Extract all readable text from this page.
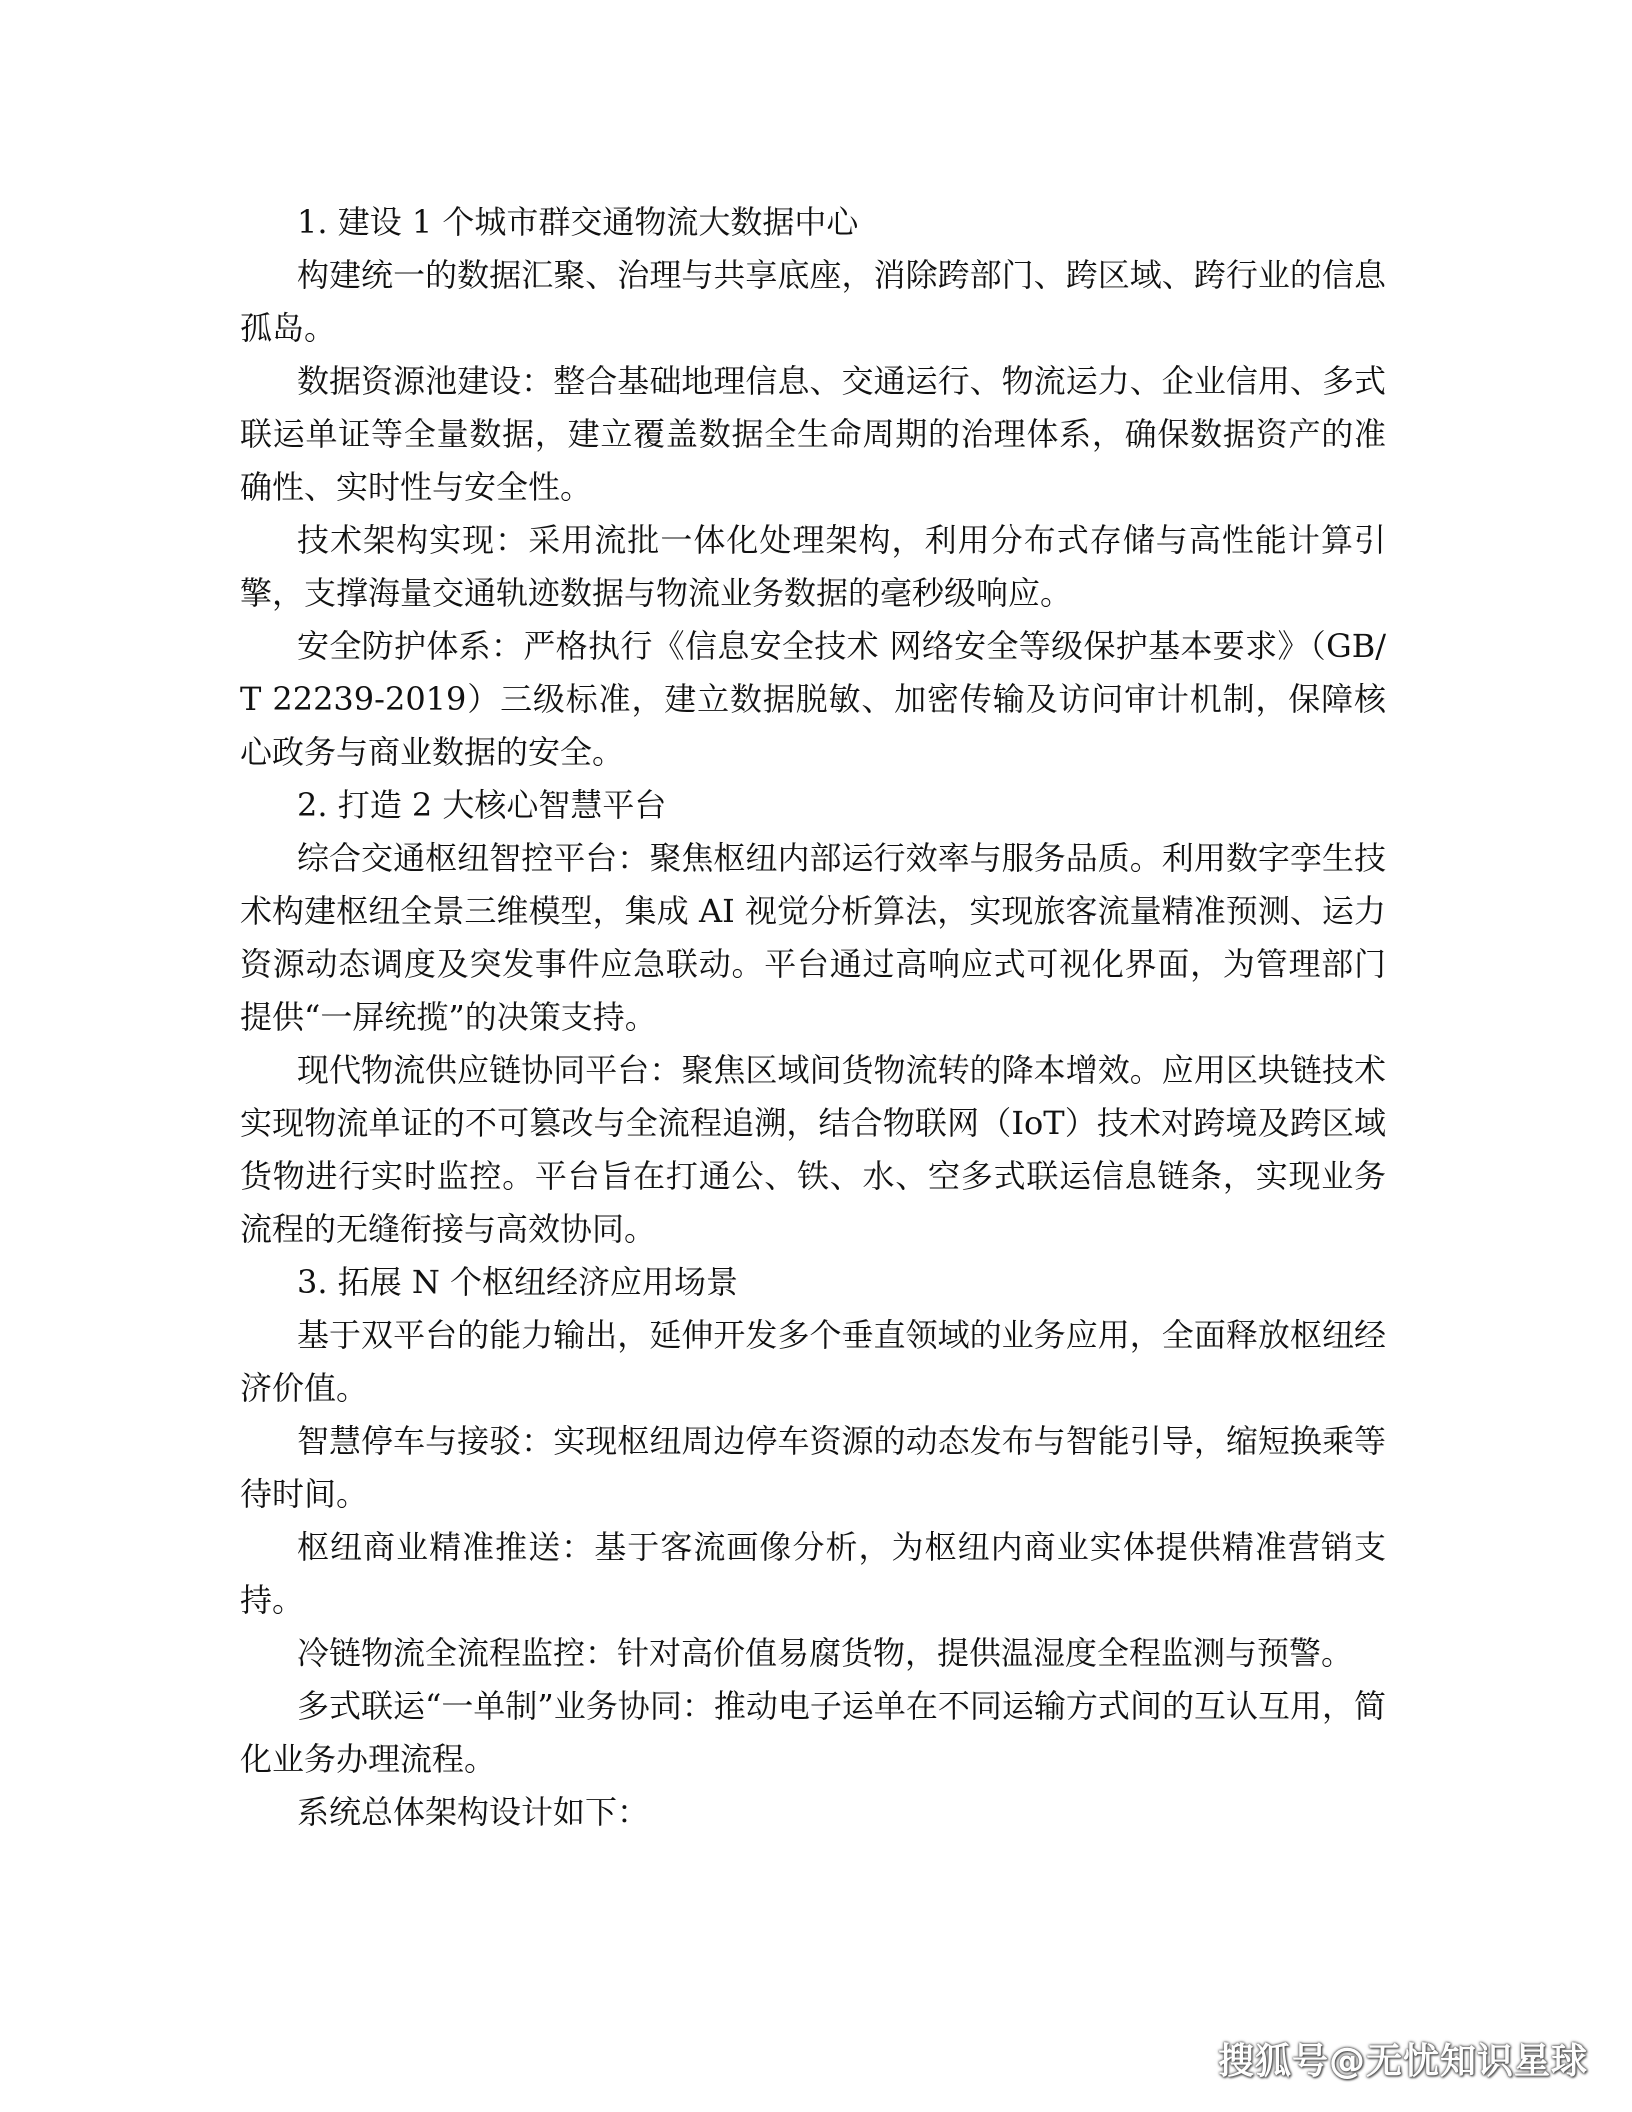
1. 建设 1 个城市群交通物流大数据中心

构建统一的数据汇聚、治理与共享底座，消除跨部门、跨区域、跨行业的信息孤岛。

数据资源池建设：整合基础地理信息、交通运行、物流运力、企业信用、多式联运单证等全量数据，建立覆盖数据全生命周期的治理体系，确保数据资产的准确性、实时性与安全性。

技术架构实现：采用流批一体化处理架构，利用分布式存储与高性能计算引擎，支撑海量交通轨迹数据与物流业务数据的毫秒级响应。

安全防护体系：严格执行《信息安全技术 网络安全等级保护基本要求》（GB/T 22239-2019）三级标准，建立数据脱敏、加密传输及访问审计机制，保障核心政务与商业数据的安全。

2. 打造 2 大核心智慧平台

综合交通枢纽智控平台：聚焦枢纽内部运行效率与服务品质。利用数字孪生技术构建枢纽全景三维模型，集成 AI 视觉分析算法，实现旅客流量精准预测、运力资源动态调度及突发事件应急联动。平台通过高响应式可视化界面，为管理部门提供“一屏统揽”的决策支持。

现代物流供应链协同平台：聚焦区域间货物流转的降本增效。应用区块链技术实现物流单证的不可篡改与全流程追溯，结合物联网（IoT）技术对跨境及跨区域货物进行实时监控。平台旨在打通公、铁、水、空多式联运信息链条，实现业务流程的无缝衔接与高效协同。

3. 拓展 N 个枢纽经济应用场景

基于双平台的能力输出，延伸开发多个垂直领域的业务应用，全面释放枢纽经济价值。

智慧停车与接驳：实现枢纽周边停车资源的动态发布与智能引导，缩短换乘等待时间。

枢纽商业精准推送：基于客流画像分析，为枢纽内商业实体提供精准营销支持。

冷链物流全流程监控：针对高价值易腐货物，提供温湿度全程监测与预警。

多式联运“一单制”业务协同：推动电子运单在不同运输方式间的互认互用，简化业务办理流程。

系统总体架构设计如下：

搜狐号@无忧知识星球
